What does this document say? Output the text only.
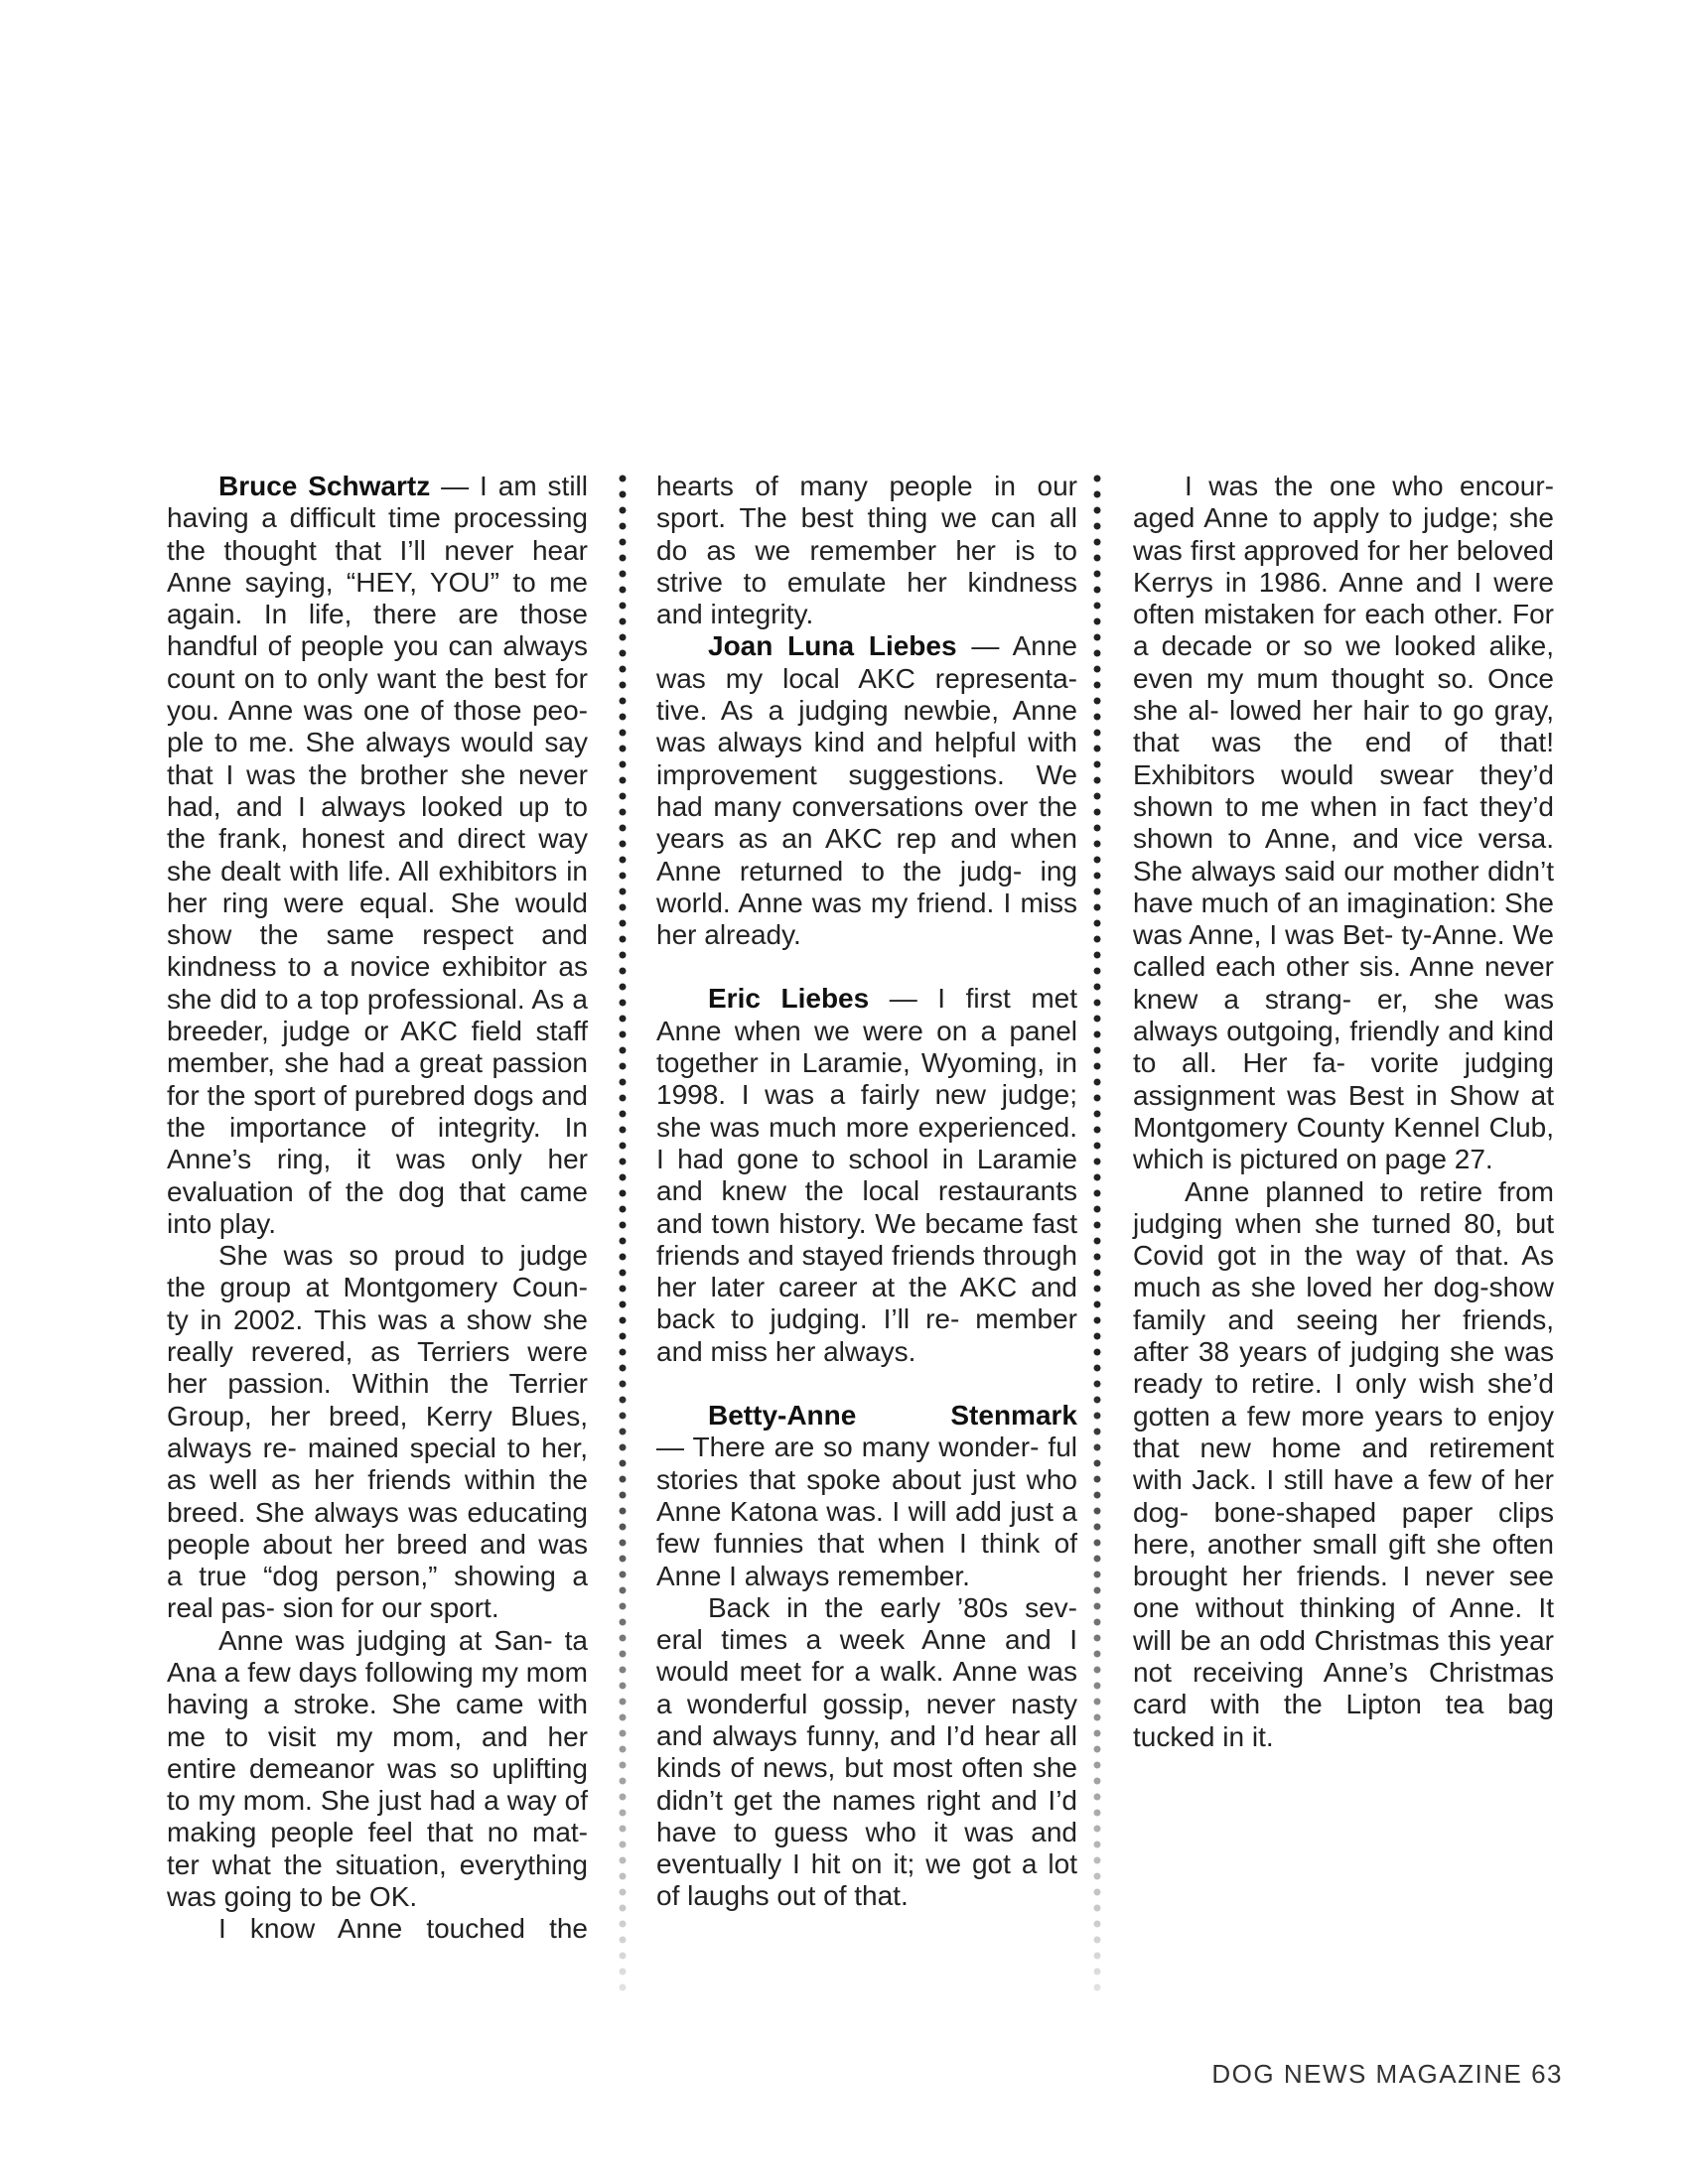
Bruce Schwartz — I am still having a difficult time processing the thought that I’ll never hear Anne saying, “HEY, YOU” to me again. In life, there are those handful of people you can always count on to only want the best for you. Anne was one of those peo- ple to me. She always would say that I was the brother she never had, and I always looked up to the frank, honest and direct way she dealt with life. All exhibitors in her ring were equal. She would show the same respect and kindness to a novice exhibitor as she did to a top professional. As a breeder, judge or AKC field staff member, she had a great passion for the sport of purebred dogs and the importance of integrity. In Anne’s ring, it was only her evaluation of the dog that came into play.

She was so proud to judge the group at Montgomery Coun- ty in 2002. This was a show she really revered, as Terriers were her passion. Within the Terrier Group, her breed, Kerry Blues, always re- mained special to her, as well as her friends within the breed. She always was educating people about her breed and was a true “dog person,” showing a real pas- sion for our sport.

Anne was judging at San- ta Ana a few days following my mom having a stroke. She came with me to visit my mom, and her entire demeanor was so uplifting to my mom. She just had a way of making people feel that no mat- ter what the situation, everything was going to be OK.

I know Anne touched the

hearts of many people in our sport. The best thing we can all do as we remember her is to strive to emulate her kindness and integrity.

Joan Luna Liebes — Anne was my local AKC representa- tive. As a judging newbie, Anne was always kind and helpful with improvement suggestions. We had many conversations over the years as an AKC rep and when Anne returned to the judg- ing world. Anne was my friend. I miss her already.

Eric Liebes — I first met Anne when we were on a panel together in Laramie, Wyoming, in 1998. I was a fairly new judge; she was much more experienced. I had gone to school in Laramie and knew the local restaurants and town history. We became fast friends and stayed friends through her later career at the AKC and back to judging. I’ll re- member and miss her always.

Betty-Anne Stenmark

— There are so many wonder- ful stories that spoke about just who Anne Katona was. I will add just a few funnies that when I think of Anne I always remember.

Back in the early ’80s sev- eral times a week Anne and I would meet for a walk. Anne was a wonderful gossip, never nasty and always funny, and I’d hear all kinds of news, but most often she didn’t get the names right and I’d have to guess who it was and eventually I hit on it; we got a lot of laughs out of that.

I was the one who encour- aged Anne to apply to judge; she was first approved for her beloved Kerrys in 1986. Anne and I were often mistaken for each other. For a decade or so we looked alike, even my mum thought so. Once she al- lowed her hair to go gray, that was the end of that! Exhibitors would swear they’d shown to me when in fact they’d shown to Anne, and vice versa. She always said our mother didn’t have much of an imagination: She was Anne, I was Bet- ty-Anne. We called each other sis. Anne never knew a strang- er, she was always outgoing, friendly and kind to all. Her fa- vorite judging assignment was Best in Show at Montgomery County Kennel Club, which is pictured on page 27.

Anne planned to retire from judging when she turned 80, but Covid got in the way of that. As much as she loved her dog-show family and seeing her friends, after 38 years of judging she was ready to retire. I only wish she’d gotten a few more years to enjoy that new home and retirement with Jack. I still have a few of her dog- bone-shaped paper clips here, another small gift she often brought her friends. I never see one without thinking of Anne. It will be an odd Christmas this year not receiving Anne’s Christmas card with the Lipton tea bag tucked in it.

DOG NEWS MAGAZINE 63
